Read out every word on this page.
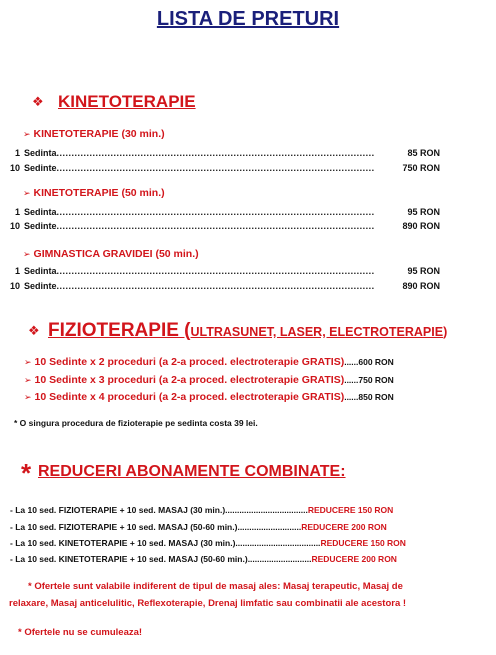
LISTA DE PRETURI
❖ KINETOTERAPIE
➢ KINETOTERAPIE (30 min.)
1 Sedinta ..........................................................................................................	85 RON
10 Sedinte ..........................................................................................................	750 RON
➢ KINETOTERAPIE (50 min.)
1 Sedinta ..........................................................................................................	95 RON
10 Sedinte ..........................................................................................................	890 RON
➢ GIMNASTICA GRAVIDEI (50 min.)
1 Sedinta ..........................................................................................................	95 RON
10 Sedinte ..........................................................................................................	890 RON
❖ FIZIOTERAPIE (ULTRASUNET, LASER, ELECTROTERAPIE)
➢ 10 Sedinte x 2 proceduri (a 2-a proced. electroterapie GRATIS)......600 RON
➢ 10 Sedinte x 3 proceduri (a 2-a proced. electroterapie GRATIS)......750 RON
➢ 10 Sedinte x 4 proceduri (a 2-a proced. electroterapie GRATIS)......850 RON
* O singura procedura de fizioterapie pe sedinta costa 39 lei.
* REDUCERI ABONAMENTE COMBINATE:
- La 10 sed. FIZIOTERAPIE + 10 sed. MASAJ (30 min.)...................................REDUCERE 150 RON
- La 10 sed. FIZIOTERAPIE + 10 sed. MASAJ (50-60 min.)...........................REDUCERE 200 RON
- La 10 sed. KINETOTERAPIE + 10 sed. MASAJ (30 min.)....................................REDUCERE 150 RON
- La 10 sed. KINETOTERAPIE + 10 sed. MASAJ (50-60 min.)...........................REDUCERE 200 RON
* Ofertele sunt valabile indiferent de tipul de masaj ales: Masaj terapeutic, Masaj de
relaxare, Masaj anticelulitic, Reflexoterapie, Drenaj limfatic sau combinatii ale acestora !
* Ofertele nu se cumuleaza!
